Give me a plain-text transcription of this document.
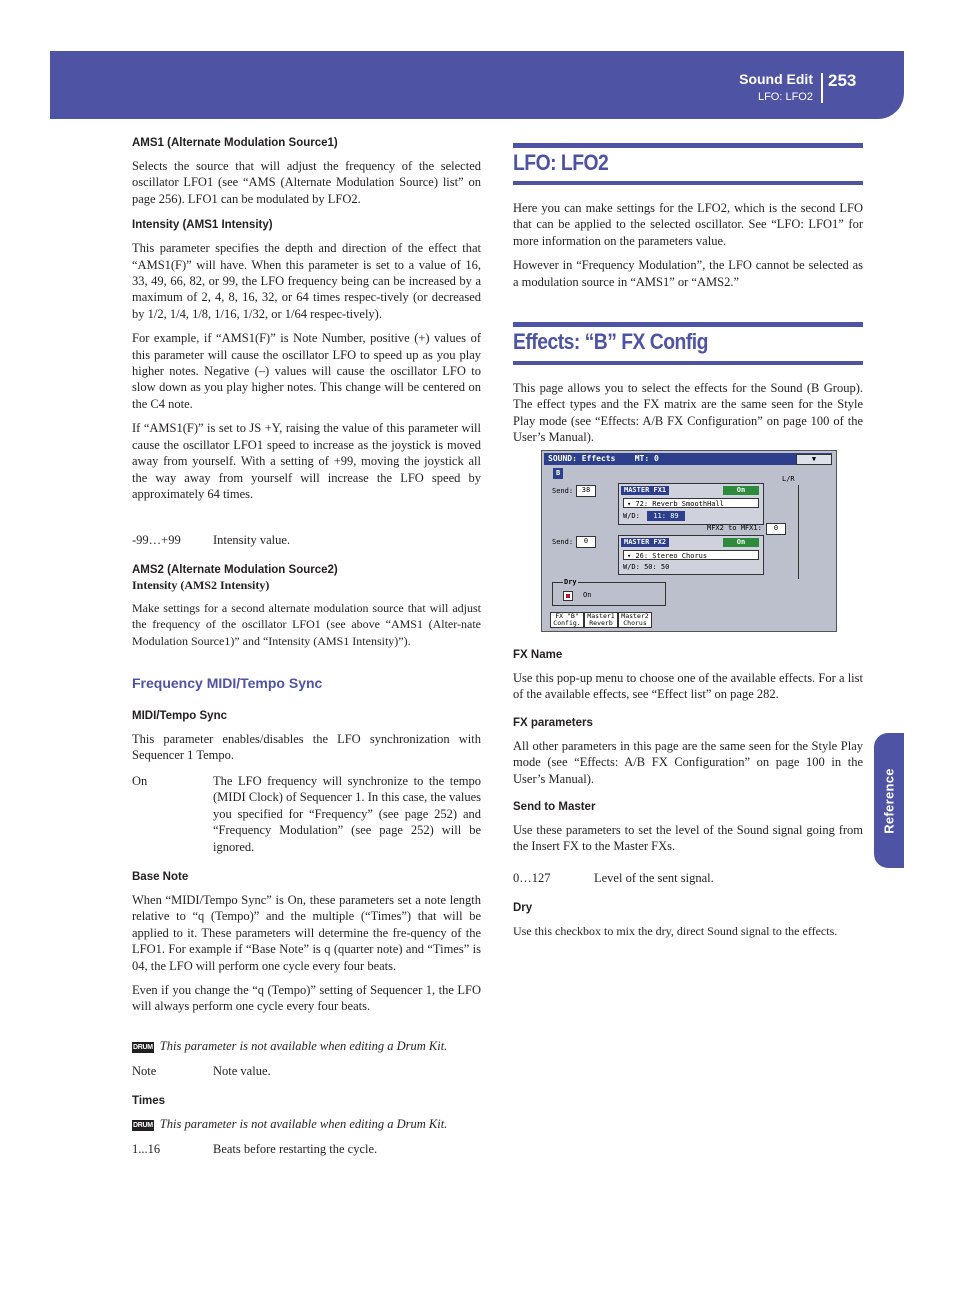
Sound Edit
LFO: LFO2
253
Reference

AMS1 (Alternate Modulation Source1)

Selects the source that will adjust the frequency of the selected oscillator LFO1 (see “AMS (Alternate Modulation Source) list” on page 256). LFO1 can be modulated by LFO2.

Intensity (AMS1 Intensity)

This parameter specifies the depth and direction of the effect that “AMS1(F)” will have. When this parameter is set to a value of 16, 33, 49, 66, 82, or 99, the LFO frequency being can be increased by a maximum of 2, 4, 8, 16, 32, or 64 times respec-tively (or decreased by 1/2, 1/4, 1/8, 1/16, 1/32, or 1/64 respec-tively).

For example, if “AMS1(F)” is Note Number, positive (+) values of this parameter will cause the oscillator LFO to speed up as you play higher notes. Negative (–) values will cause the oscillator LFO to slow down as you play higher notes. This change will be centered on the C4 note.

If “AMS1(F)” is set to JS +Y, raising the value of this parameter will cause the oscillator LFO1 speed to increase as the joystick is moved away from yourself. With a setting of +99, moving the joystick all the way away from yourself will increase the LFO speed by approximately 64 times.

-99…+99	Intensity value.

AMS2 (Alternate Modulation Source2)

Intensity (AMS2 Intensity)

Make settings for a second alternate modulation source that will adjust the frequency of the oscillator LFO1 (see above “AMS1 (Alter-nate Modulation Source1)” and “Intensity (AMS1 Intensity)”).

Frequency MIDI/Tempo Sync

MIDI/Tempo Sync

This parameter enables/disables the LFO synchronization with Sequencer 1 Tempo.

On	The LFO frequency will synchronize to the tempo (MIDI Clock) of Sequencer 1. In this case, the values you specified for “Frequency” (see page 252) and “Frequency Modulation” (see page 252) will be ignored.

Base Note

When “MIDI/Tempo Sync” is On, these parameters set a note length relative to “q (Tempo)” and the multiple (“Times”) that will be applied to it. These parameters will determine the fre-quency of the LFO1. For example if “Base Note” is q (quarter note) and “Times” is 04, the LFO will perform one cycle every four beats.

Even if you change the “q (Tempo)” setting of Sequencer 1, the LFO will always perform one cycle every four beats.

DRUM This parameter is not available when editing a Drum Kit.
Note	Note value.

Times

DRUM This parameter is not available when editing a Drum Kit.
1...16	Beats before restarting the cycle.

LFO: LFO2

Here you can make settings for the LFO2, which is the second LFO that can be applied to the selected oscillator. See “LFO: LFO1” for more information on the parameters value.

However in “Frequency Modulation”, the LFO cannot be selected as a modulation source in “AMS1” or “AMS2.”

Effects: “B” FX Config

This page allows you to select the effects for the Sound (B Group). The effect types and the FX matrix are the same seen for the Style Play mode (see “Effects: A/B FX Configuration” on page 100 of the User’s Manual).

SOUND: Effects MT: 0	▼
B
Send:	38	MASTER FX1	On
▾ 72: Reverb SmoothHall
W/D:	11: 89
L/R
MFX2 to MFX1:	0
Send:	0	MASTER FX2	On
▾ 26: Stereo Chorus
W/D: 50: 50
Dry
On
FX "B" Config.
Master1 Reverb
Master2 Chorus

FX Name

Use this pop-up menu to choose one of the available effects. For a list of the available effects, see “Effect list” on page 282.

FX parameters

All other parameters in this page are the same seen for the Style Play mode (see “Effects: A/B FX Configuration” on page 100 in the User’s Manual).

Send to Master

Use these parameters to set the level of the Sound signal going from the Insert FX to the Master FXs.

0…127	Level of the sent signal.

Dry

Use this checkbox to mix the dry, direct Sound signal to the effects.
